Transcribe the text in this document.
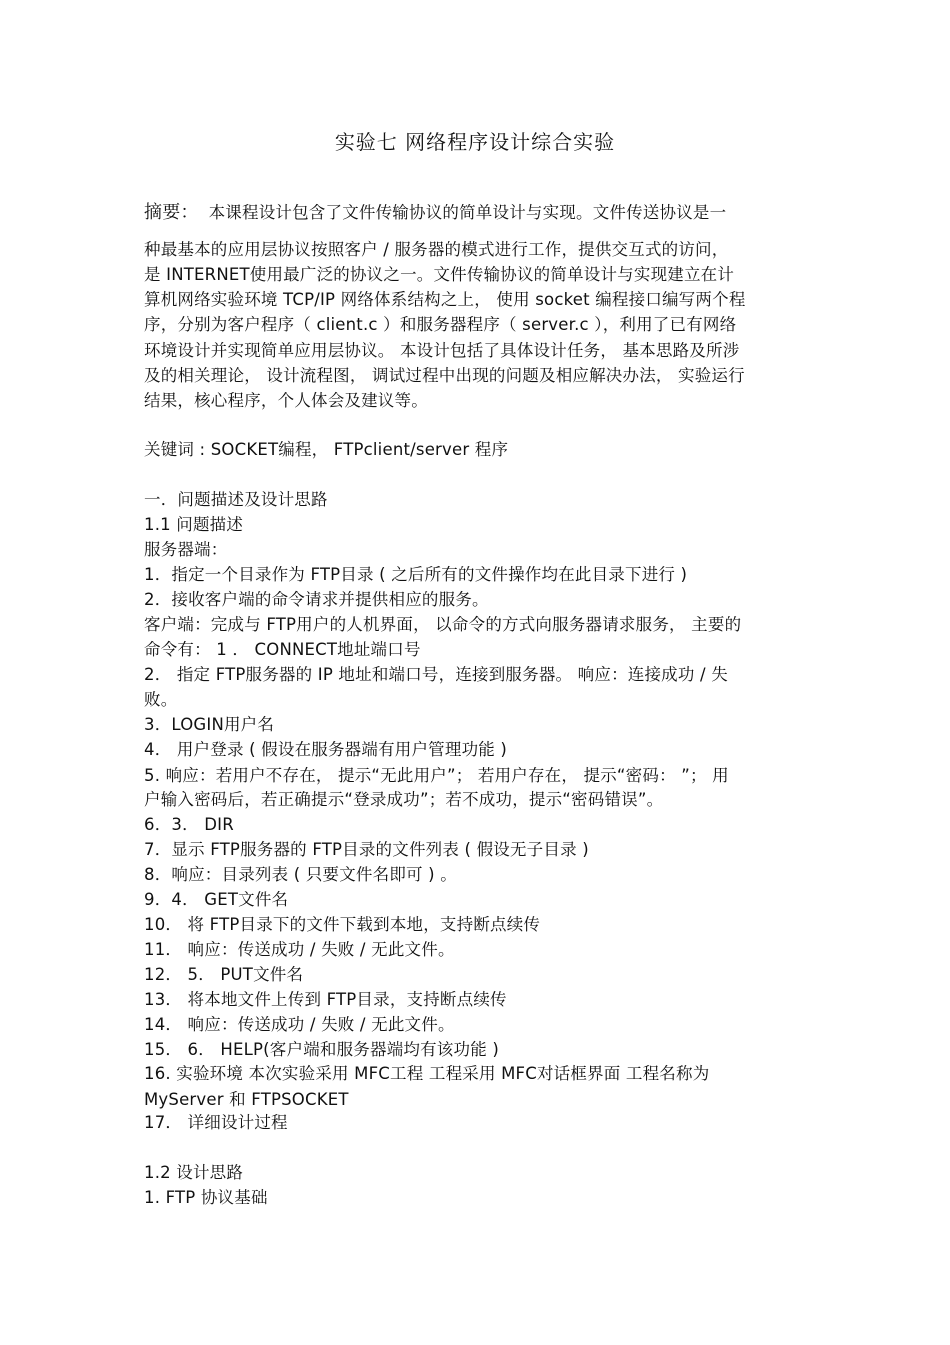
实验七 网络程序设计综合实验
摘要： 本课程设计包含了文件传输协议的简单设计与实现。文件传送协议是一
种最基本的应用层协议按照客户 / 服务器的模式进行工作，提供交互式的访问，
是 INTERNET使用最广泛的协议之一。文件传输协议的简单设计与实现建立在计
算机网络实验环境 TCP/IP 网络体系结构之上， 使用 socket 编程接口编写两个程
序，分别为客户程序（ client.c ）和服务器程序（ server.c ），利用了已有网络
环境设计并实现简单应用层协议。 本设计包括了具体设计任务， 基本思路及所涉
及的相关理论， 设计流程图， 调试过程中出现的问题及相应解决办法， 实验运行
结果，核心程序，个人体会及建议等。
关键词 : SOCKET编程， FTPclient/server 程序
一．问题描述及设计思路
1.1 问题描述
服务器端：
1．指定一个目录作为 FTP目录 ( 之后所有的文件操作均在此目录下进行 )
2．接收客户端的命令请求并提供相应的服务。
客户端：完成与 FTP用户的人机界面， 以命令的方式向服务器请求服务， 主要的
命令有： 1 ． CONNECT地址端口号
2． 指定 FTP服务器的 IP 地址和端口号，连接到服务器。 响应：连接成功 / 失
败。
3．LOGIN用户名
4． 用户登录 ( 假设在服务器端有用户管理功能 )
5. 响应：若用户不存在， 提示“无此用户”； 若用户存在， 提示“密码： ”； 用
户输入密码后，若正确提示“登录成功”；若不成功，提示“密码错误”。
6．3． DIR
7．显示 FTP服务器的 FTP目录的文件列表 ( 假设无子目录 )
8．响应：目录列表 ( 只要文件名即可 ) 。
9．4． GET文件名
10． 将 FTP目录下的文件下载到本地，支持断点续传
11． 响应：传送成功 / 失败 / 无此文件。
12． 5． PUT文件名
13． 将本地文件上传到 FTP目录，支持断点续传
14． 响应：传送成功 / 失败 / 无此文件。
15． 6． HELP(客户端和服务器端均有该功能 )
16. 实验环境 本次实验采用 MFC工程 工程采用 MFC对话框界面 工程名称为
MyServer 和 FTPSOCKET
17． 详细设计过程
1.2 设计思路
1. FTP 协议基础
